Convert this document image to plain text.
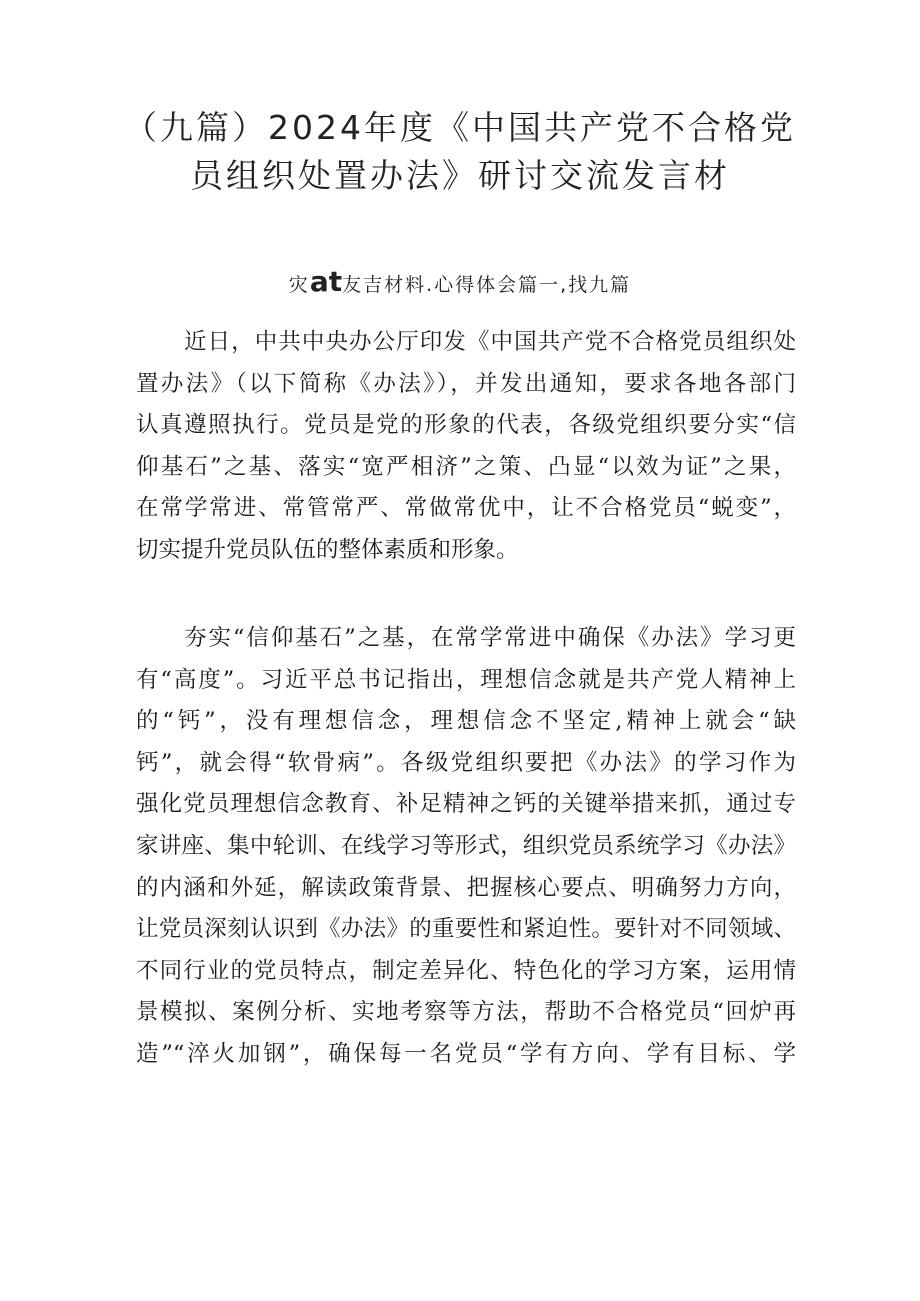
（九篇）2024年度《中国共产党不合格党
员组织处置办法》研讨交流发言材
灾at友吉材料.心得体会篇一,找九篇
近日，中共中央办公厅印发《中国共产党不合格党员组织处
置办法》（以下简称《办法》），并发出通知，要求各地各部门
认真遵照执行。党员是党的形象的代表，各级党组织要分实“信
仰基石”之基、落实“宽严相济”之策、凸显“以效为证”之果，
在常学常进、常管常严、常做常优中，让不合格党员“蜕变”，
切实提升党员队伍的整体素质和形象。
夯实“信仰基石”之基，在常学常进中确保《办法》学习更
有“高度”。习近平总书记指出，理想信念就是共产党人精神上
的“钙”，没有理想信念，理想信念不坚定,精神上就会“缺
钙”，就会得“软骨病”。各级党组织要把《办法》的学习作为
强化党员理想信念教育、补足精神之钙的关键举措来抓，通过专
家讲座、集中轮训、在线学习等形式，组织党员系统学习《办法》
的内涵和外延，解读政策背景、把握核心要点、明确努力方向，
让党员深刻认识到《办法》的重要性和紧迫性。要针对不同领域、
不同行业的党员特点，制定差异化、特色化的学习方案，运用情
景模拟、案例分析、实地考察等方法，帮助不合格党员“回炉再
造”“淬火加钢”，确保每一名党员“学有方向、学有目标、学
